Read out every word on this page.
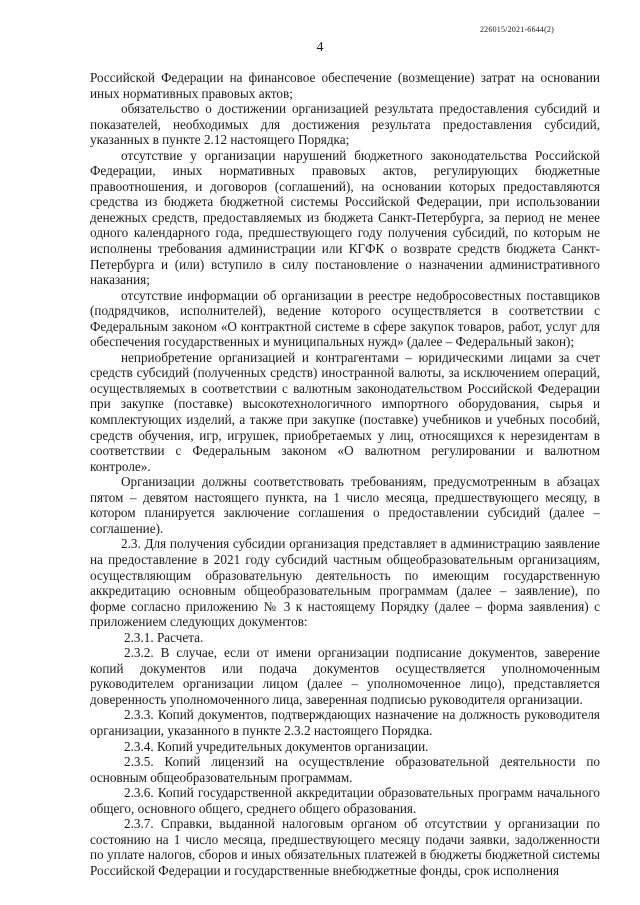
226015/2021-6644(2)
4

Российской Федерации на финансовое обеспечение (возмещение) затрат на основании иных нормативных правовых актов;

обязательство о достижении организацией результата предоставления субсидий и показателей, необходимых для достижения результата предоставления субсидий, указанных в пункте 2.12 настоящего Порядка;

отсутствие у организации нарушений бюджетного законодательства Российской Федерации, иных нормативных правовых актов, регулирующих бюджетные правоотношения, и договоров (соглашений), на основании которых предоставляются средства из бюджета бюджетной системы Российской Федерации, при использовании денежных средств, предоставляемых из бюджета Санкт-Петербурга, за период не менее одного календарного года, предшествующего году получения субсидий, по которым не исполнены требования администрации или КГФК о возврате средств бюджета Санкт-Петербурга и (или) вступило в силу постановление о назначении административного наказания;

отсутствие информации об организации в реестре недобросовестных поставщиков (подрядчиков, исполнителей), ведение которого осуществляется в соответствии с Федеральным законом «О контрактной системе в сфере закупок товаров, работ, услуг для обеспечения государственных и муниципальных нужд» (далее – Федеральный закон);

неприобретение организацией и контрагентами – юридическими лицами за счет средств субсидий (полученных средств) иностранной валюты, за исключением операций, осуществляемых в соответствии с валютным законодательством Российской Федерации при закупке (поставке) высокотехнологичного импортного оборудования, сырья и комплектующих изделий, а также при закупке (поставке) учебников и учебных пособий, средств обучения, игр, игрушек, приобретаемых у лиц, относящихся к нерезидентам в соответствии с Федеральным законом «О валютном регулировании и валютном контроле».

Организации должны соответствовать требованиям, предусмотренным в абзацах пятом – девятом настоящего пункта, на 1 число месяца, предшествующего месяцу, в котором планируется заключение соглашения о предоставлении субсидий (далее – соглашение).

2.3. Для получения субсидии организация представляет в администрацию заявление на предоставление в 2021 году субсидий частным общеобразовательным организациям, осуществляющим образовательную деятельность по имеющим государственную аккредитацию основным общеобразовательным программам (далее – заявление), по форме согласно приложению № 3 к настоящему Порядку (далее – форма заявления) с приложением следующих документов:

2.3.1. Расчета.

2.3.2. В случае, если от имени организации подписание документов, заверение копий документов или подача документов осуществляется уполномоченным руководителем организации лицом (далее – уполномоченное лицо), представляется доверенность уполномоченного лица, заверенная подписью руководителя организации.

2.3.3. Копий документов, подтверждающих назначение на должность руководителя организации, указанного в пункте 2.3.2 настоящего Порядка.

2.3.4. Копий учредительных документов организации.

2.3.5. Копий лицензий на осуществление образовательной деятельности по основным общеобразовательным программам.

2.3.6. Копий государственной аккредитации образовательных программ начального общего, основного общего, среднего общего образования.

2.3.7. Справки, выданной налоговым органом об отсутствии у организации по состоянию на 1 число месяца, предшествующего месяцу подачи заявки, задолженности по уплате налогов, сборов и иных обязательных платежей в бюджеты бюджетной системы Российской Федерации и государственные внебюджетные фонды, срок исполнения
